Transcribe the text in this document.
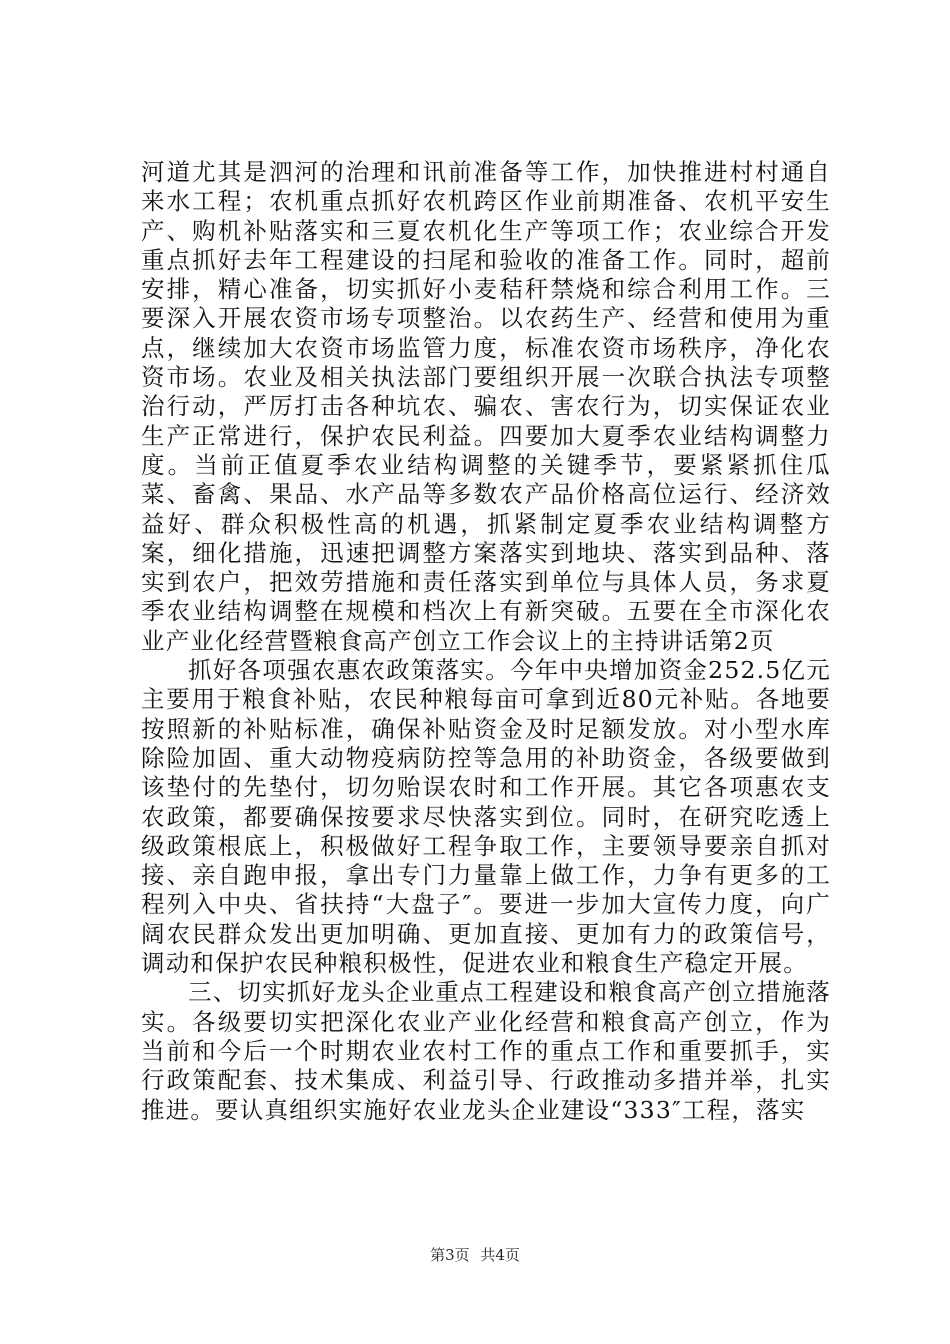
河道尤其是泗河的治理和讯前准备等工作，加快推进村村通自来水工程；农机重点抓好农机跨区作业前期准备、农机平安生产、购机补贴落实和三夏农机化生产等项工作；农业综合开发重点抓好去年工程建设的扫尾和验收的准备工作。同时，超前安排，精心准备，切实抓好小麦秸秆禁烧和综合利用工作。三要深入开展农资市场专项整治。以农药生产、经营和使用为重点，继续加大农资市场监管力度，标准农资市场秩序，净化农资市场。农业及相关执法部门要组织开展一次联合执法专项整治行动，严厉打击各种坑农、骗农、害农行为，切实保证农业生产正常进行，保护农民利益。四要加大夏季农业结构调整力度。当前正值夏季农业结构调整的关键季节，要紧紧抓住瓜菜、畜禽、果品、水产品等多数农产品价格高位运行、经济效益好、群众积极性高的机遇，抓紧制定夏季农业结构调整方案，细化措施，迅速把调整方案落实到地块、落实到品种、落实到农户，把效劳措施和责任落实到单位与具体人员，务求夏季农业结构调整在规模和档次上有新突破。五要在全市深化农业产业化经营暨粮食高产创立工作会议上的主持讲话第2页

抓好各项强农惠农政策落实。今年中央增加资金252.5亿元主要用于粮食补贴，农民种粮每亩可拿到近80元补贴。各地要按照新的补贴标准，确保补贴资金及时足额发放。对小型水库除险加固、重大动物疫病防控等急用的补助资金，各级要做到该垫付的先垫付，切勿贻误农时和工作开展。其它各项惠农支农政策，都要确保按要求尽快落实到位。同时，在研究吃透上级政策根底上，积极做好工程争取工作，主要领导要亲自抓对接、亲自跑申报，拿出专门力量靠上做工作，力争有更多的工程列入中央、省扶持“大盘子″。要进一步加大宣传力度，向广阔农民群众发出更加明确、更加直接、更加有力的政策信号，调动和保护农民种粮积极性，促进农业和粮食生产稳定开展。

三、切实抓好龙头企业重点工程建设和粮食高产创立措施落实。各级要切实把深化农业产业化经营和粮食高产创立，作为当前和今后一个时期农业农村工作的重点工作和重要抓手，实行政策配套、技术集成、利益引导、行政推动多措并举，扎实推进。要认真组织实施好农业龙头企业建设“333″工程，落实

第3页 共4页
